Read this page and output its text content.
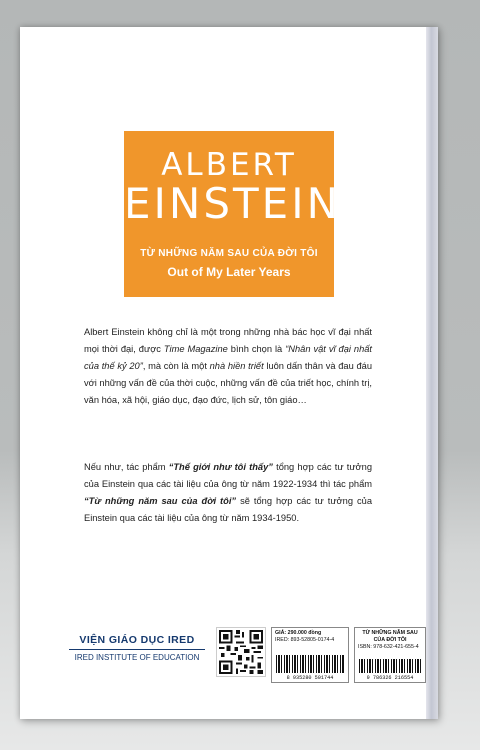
ALBERT
EINSTEIN
TỪ NHỮNG NĂM SAU CỦA ĐỜI TÔI
Out of My Later Years
Albert Einstein không chỉ là một trong những nhà bác học vĩ đại nhất mọi thời đại, được Time Magazine bình chọn là “Nhân vật vĩ đại nhất của thế kỷ 20”, mà còn là một nhà hiền triết luôn dấn thân và đau đáu với những vấn đề của thời cuộc, những vấn đề của triết học, chính trị, văn hóa, xã hội, giáo dục, đạo đức, lịch sử, tôn giáo…
Nếu như, tác phẩm “Thế giới như tôi thấy” tổng hợp các tư tưởng của Einstein qua các tài liệu của ông từ năm 1922-1934 thì tác phẩm “Từ những năm sau của đời tôi” sẽ tổng hợp các tư tưởng của Einstein qua các tài liệu của ông từ năm 1934-1950.
VIỆN GIÁO DỤC IRED
IRED INSTITUTE OF EDUCATION
GIÁ: 290.000 đồng
IRED: 893-52805-0174-4
8 935280 501744
TỪ NHỮNG NĂM SAU
CỦA ĐỜI TÔI
ISBN: 978-632-421-655-4
9 786326 216554
